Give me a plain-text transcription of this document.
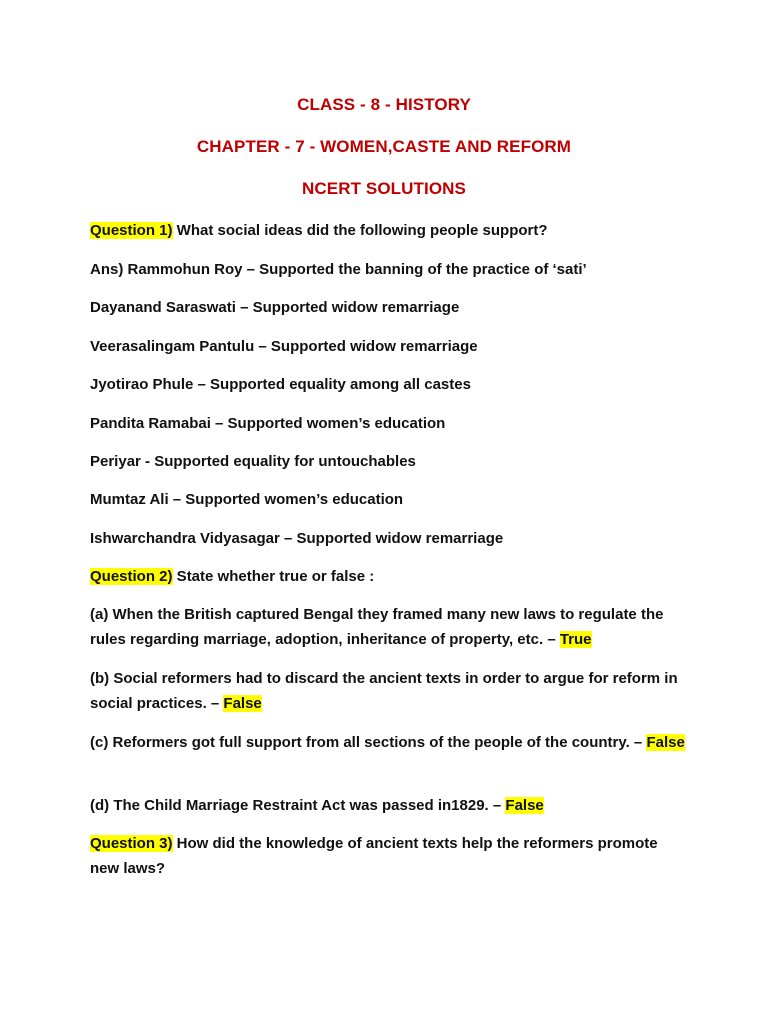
CLASS - 8 - HISTORY
CHAPTER - 7 - WOMEN,CASTE AND REFORM
NCERT SOLUTIONS
Question 1) What social ideas did the following people support?
Ans) Rammohun Roy – Supported the banning of the practice of ‘sati’
Dayanand Saraswati – Supported widow remarriage
Veerasalingam Pantulu – Supported widow remarriage
Jyotirao Phule – Supported equality among all castes
Pandita Ramabai – Supported women’s education
Periyar - Supported equality for untouchables
Mumtaz Ali – Supported women’s education
Ishwarchandra Vidyasagar – Supported widow remarriage
Question 2) State whether true or false :
(a) When the British captured Bengal they framed many new laws to regulate the rules regarding marriage, adoption, inheritance of property, etc. – True
(b) Social reformers had to discard the ancient texts in order to argue for reform in social practices. – False
(c) Reformers got full support from all sections of the people of the country. – False
(d) The Child Marriage Restraint Act was passed in1829. – False
Question 3) How did the knowledge of ancient texts help the reformers promote new laws?
